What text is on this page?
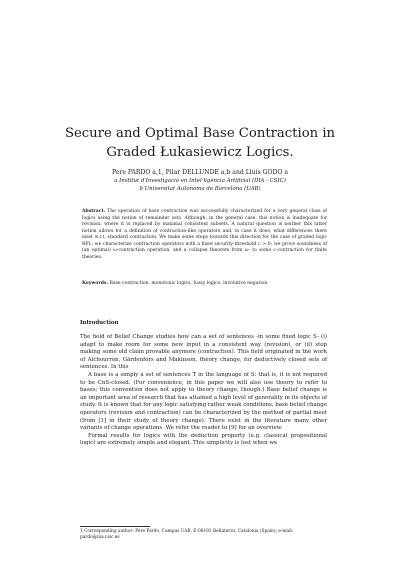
Secure and Optimal Base Contraction in Graded Łukasiewicz Logics.
Pere PARDO a,1, Pilar DELLUNDE a,b and Lluís GODO a
a Institut d'Investigació en Intel·ligència Artificial (IIIA - CSIC)
b Universitat Autònoma de Barcelona (UAB)
Abstract. The operation of base contraction was successfully characterized for a very general class of logics using the notion of remainder sets. Although, in the general case, this notion is inadequate for revision, where it is replaced by maximal consistent subsets. A natural question is neither this latter notion allows for a definition of contraction-like operators and, in case it does, what differences there exist w.r.t. standard contraction. We make some steps towards this direction for the case of graded logic RPL: we characterize contraction operators with a fixed security-threshold c > 0; we prove soundness of (an optimal) ω-contraction operation, and a collapse theorem from ω- to some c-contraction for finite theories.
Keywords. Base contraction, monotonic logics, fuzzy logics, involutive negation
Introduction

The field of Belief Change studies how can a set of sentences -in some fixed logic S- (i) adapt to make room for some new input in a consistent way (revision), or (ii) stop making some old claim provable anymore (contraction). This field originated in the work of Alchourrón, Gärdenfors and Makinson, theory change, for deductively closed sets of sentences. In this

A base is a simply a set of sentences T in the language of S: that is, it is not required to be CnS-closed. (For convenience, in this paper we will also use theory to refer to bases; this convention does not apply to theory change, though.) Base belief change is an important area of research that has attained a high level of generality in its objects of study. It is known that for any logic satisfying rather weak conditions, base belief change operators (revision and contraction) can be characterized by the method of partial meet (from [1] in their study of theory change). There exist in the literature many other variants of change operations. We refer the reader to [9] for an overview.

Formal results for logics with the deduction property (e.g. classical propositional logic) are extremely simple and elegant. This simplicity is lost when we

1 Corresponding author: Pere Pardo, Campus UAB, E-08193 Bellaterra, Catalonia (Spain); e-mail: pardo@iiia.csic.es
